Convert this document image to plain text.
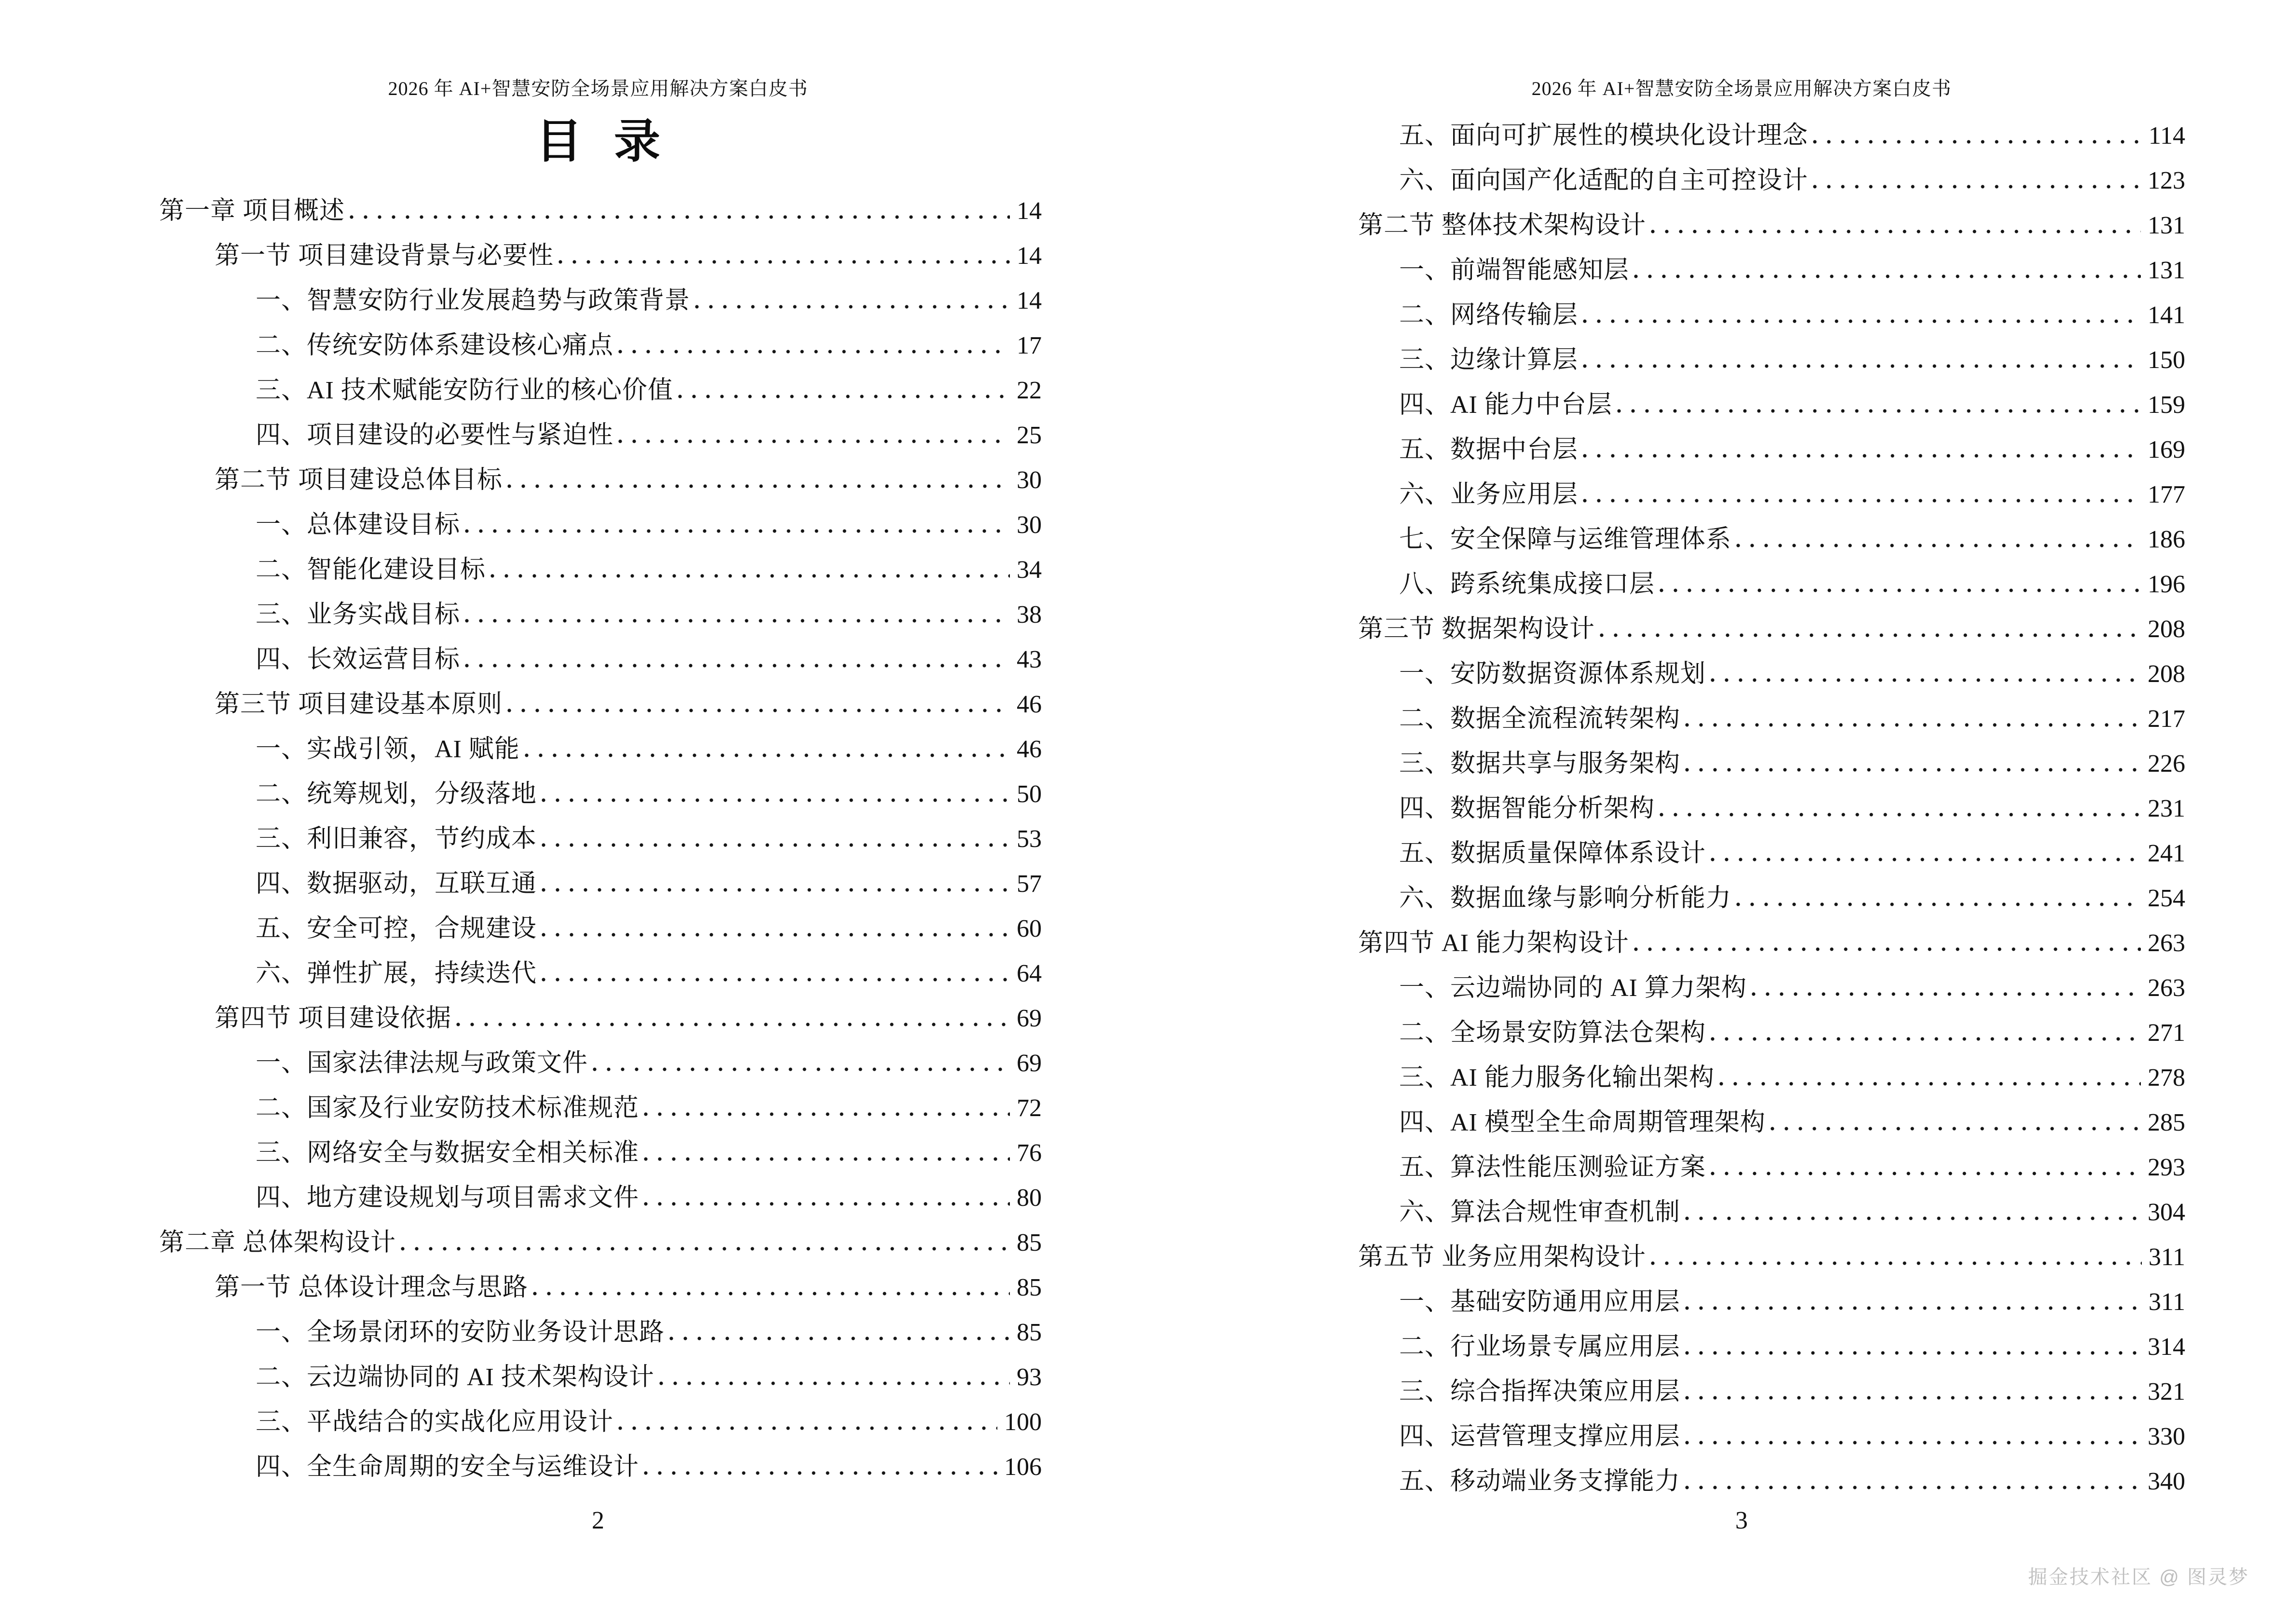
2026 年 AI+智慧安防全场景应用解决方案白皮书
目 录
第一章 项目概述	14
第一节 项目建设背景与必要性	14
一、智慧安防行业发展趋势与政策背景	14
二、传统安防体系建设核心痛点	17
三、AI 技术赋能安防行业的核心价值	22
四、项目建设的必要性与紧迫性	25
第二节 项目建设总体目标	30
一、总体建设目标	30
二、智能化建设目标	34
三、业务实战目标	38
四、长效运营目标	43
第三节 项目建设基本原则	46
一、实战引领，AI 赋能	46
二、统筹规划，分级落地	50
三、利旧兼容，节约成本	53
四、数据驱动，互联互通	57
五、安全可控，合规建设	60
六、弹性扩展，持续迭代	64
第四节 项目建设依据	69
一、国家法律法规与政策文件	69
二、国家及行业安防技术标准规范	72
三、网络安全与数据安全相关标准	76
四、地方建设规划与项目需求文件	80
第二章 总体架构设计	85
第一节 总体设计理念与思路	85
一、全场景闭环的安防业务设计思路	85
二、云边端协同的 AI 技术架构设计	93
三、平战结合的实战化应用设计	100
四、全生命周期的安全与运维设计	106
2
2026 年 AI+智慧安防全场景应用解决方案白皮书
五、面向可扩展性的模块化设计理念	114
六、面向国产化适配的自主可控设计	123
第二节 整体技术架构设计	131
一、前端智能感知层	131
二、网络传输层	141
三、边缘计算层	150
四、AI 能力中台层	159
五、数据中台层	169
六、业务应用层	177
七、安全保障与运维管理体系	186
八、跨系统集成接口层	196
第三节 数据架构设计	208
一、安防数据资源体系规划	208
二、数据全流程流转架构	217
三、数据共享与服务架构	226
四、数据智能分析架构	231
五、数据质量保障体系设计	241
六、数据血缘与影响分析能力	254
第四节 AI 能力架构设计	263
一、云边端协同的 AI 算力架构	263
二、全场景安防算法仓架构	271
三、AI 能力服务化输出架构	278
四、AI 模型全生命周期管理架构	285
五、算法性能压测验证方案	293
六、算法合规性审查机制	304
第五节 业务应用架构设计	311
一、基础安防通用应用层	311
二、行业场景专属应用层	314
三、综合指挥决策应用层	321
四、运营管理支撑应用层	330
五、移动端业务支撑能力	340
3
掘金技术社区 @ 图灵梦
